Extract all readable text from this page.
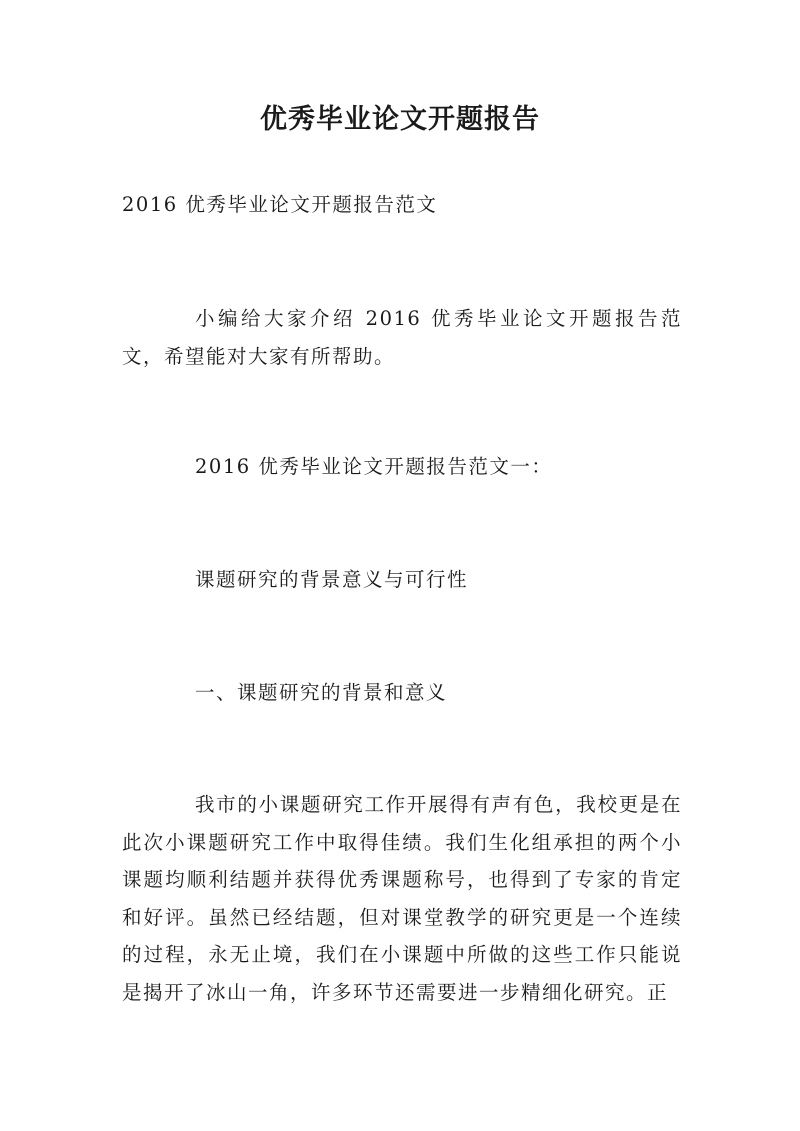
优秀毕业论文开题报告

2016 优秀毕业论文开题报告范文

小编给大家介绍 2016 优秀毕业论文开题报告范文，希望能对大家有所帮助。

2016 优秀毕业论文开题报告范文一：

课题研究的背景意义与可行性

一、课题研究的背景和意义

我市的小课题研究工作开展得有声有色，我校更是在此次小课题研究工作中取得佳绩。我们生化组承担的两个小课题均顺利结题并获得优秀课题称号，也得到了专家的肯定和好评。虽然已经结题，但对课堂教学的研究更是一个连续的过程，永无止境，我们在小课题中所做的这些工作只能说是揭开了冰山一角，许多环节还需要进一步精细化研究。正
